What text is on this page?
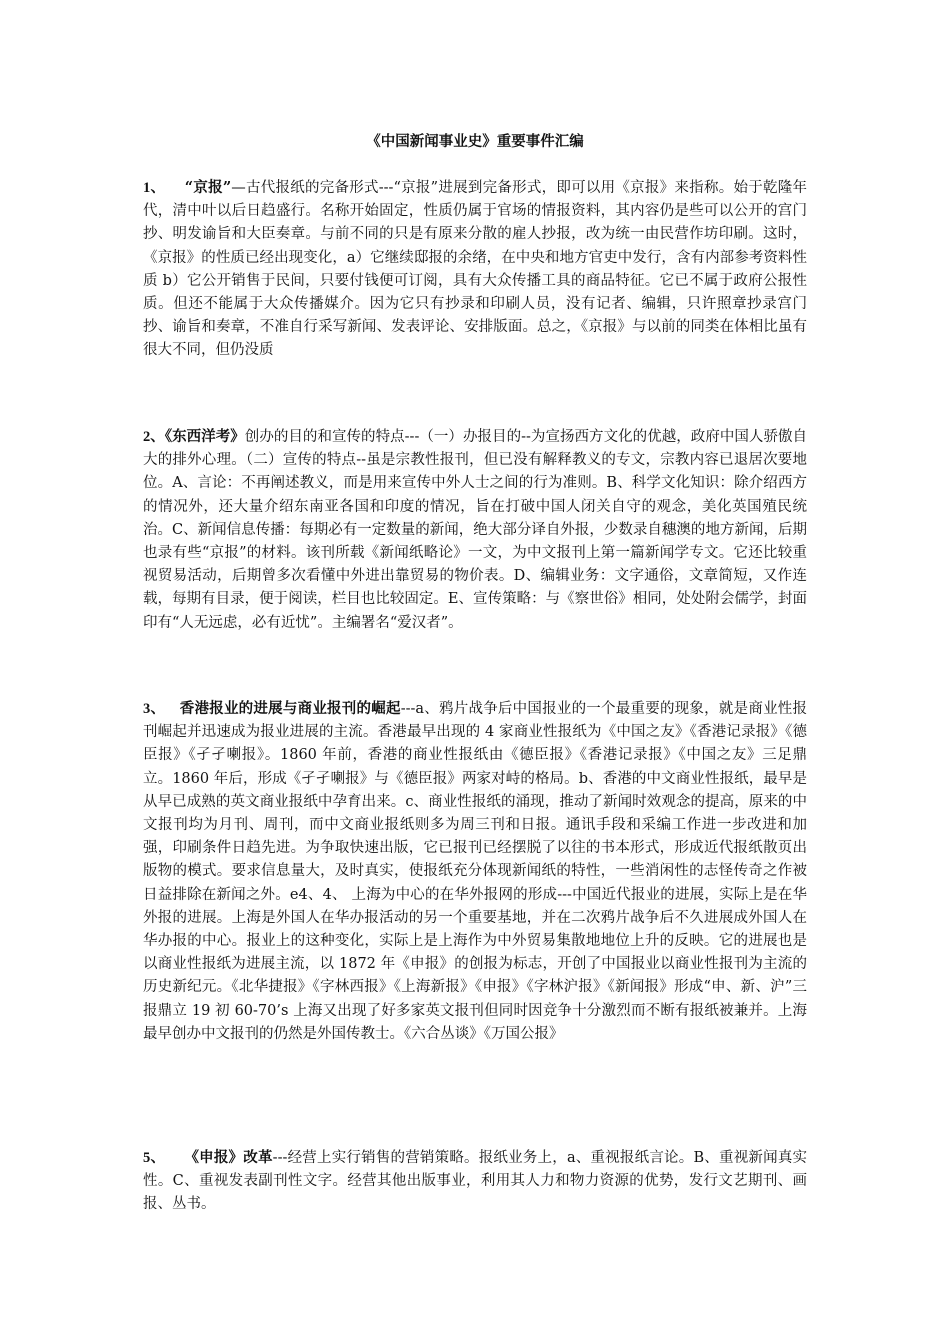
《中国新闻事业史》重要事件汇编

1、 “京报”—古代报纸的完备形式---“京报”进展到完备形式，即可以用《京报》来指称。始于乾隆年代，清中叶以后日趋盛行。名称开始固定，性质仍属于官场的情报资料，其内容仍是些可以公开的宫门抄、明发谕旨和大臣奏章。与前不同的只是有原来分散的雇人抄报，改为统一由民营作坊印刷。这时，《京报》的性质已经出现变化，a）它继续邸报的余绪，在中央和地方官吏中发行，含有内部参考资料性质 b）它公开销售于民间，只要付钱便可订阅，具有大众传播工具的商品特征。它已不属于政府公报性质。但还不能属于大众传播媒介。因为它只有抄录和印刷人员，没有记者、编辑，只许照章抄录宫门抄、谕旨和奏章，不准自行采写新闻、发表评论、安排版面。总之，《京报》与以前的同类在体相比虽有很大不同，但仍没质

2、《东西洋考》创办的目的和宣传的特点---（一）办报目的--为宣扬西方文化的优越，政府中国人骄傲自大的排外心理。（二）宣传的特点--虽是宗教性报刊，但已没有解释教义的专文，宗教内容已退居次要地位。A、言论：不再阐述教义，而是用来宣传中外人士之间的行为准则。B、科学文化知识：除介绍西方的情况外，还大量介绍东南亚各国和印度的情况，旨在打破中国人闭关自守的观念，美化英国殖民统治。C、新闻信息传播：每期必有一定数量的新闻，绝大部分译自外报，少数录自穗澳的地方新闻，后期也录有些“京报”的材料。该刊所载《新闻纸略论》一文，为中文报刊上第一篇新闻学专文。它还比较重视贸易活动，后期曾多次看懂中外进出靠贸易的物价表。D、编辑业务：文字通俗，文章简短，又作连载，每期有目录，便于阅读，栏目也比较固定。E、宣传策略：与《察世俗》相同，处处附会儒学，封面印有“人无远虑，必有近忧”。主编署名“爱汉者”。

3、 香港报业的进展与商业报刊的崛起---a、鸦片战争后中国报业的一个最重要的现象，就是商业性报刊崛起并迅速成为报业进展的主流。香港最早出现的 4 家商业性报纸为《中国之友》《香港记录报》《德臣报》《孑孑喇报》。1860 年前，香港的商业性报纸由《德臣报》《香港记录报》《中国之友》三足鼎立。1860 年后，形成《孑孑喇报》与《德臣报》两家对峙的格局。b、香港的中文商业性报纸，最早是从早已成熟的英文商业报纸中孕育出来。c、商业性报纸的涌现，推动了新闻时效观念的提高，原来的中文报刊均为月刊、周刊，而中文商业报纸则多为周三刊和日报。通讯手段和采编工作进一步改进和加强，印刷条件日趋先进。为争取快速出版，它已报刊已经摆脱了以往的书本形式，形成近代报纸散页出版物的模式。要求信息量大，及时真实，使报纸充分体现新闻纸的特性，一些消闲性的志怪传奇之作被日益排除在新闻之外。e4、4、 上海为中心的在华外报网的形成---中国近代报业的进展，实际上是在华外报的进展。上海是外国人在华办报活动的另一个重要基地，并在二次鸦片战争后不久进展成外国人在华办报的中心。报业上的这种变化，实际上是上海作为中外贸易集散地地位上升的反映。它的进展也是以商业性报纸为进展主流，以 1872 年《申报》的创报为标志，开创了中国报业以商业性报刊为主流的历史新纪元。《北华捷报》《字林西报》《上海新报》《申报》《字林沪报》《新闻报》形成“申、新、沪”三报鼎立 19 初 60-70’s 上海又出现了好多家英文报刊但同时因竞争十分激烈而不断有报纸被兼并。上海最早创办中文报刊的仍然是外国传教士。《六合丛谈》《万国公报》

5、 《申报》改革---经营上实行销售的营销策略。报纸业务上，a、重视报纸言论。B、重视新闻真实性。C、重视发表副刊性文字。经营其他出版事业，利用其人力和物力资源的优势，发行文艺期刊、画报、丛书。
